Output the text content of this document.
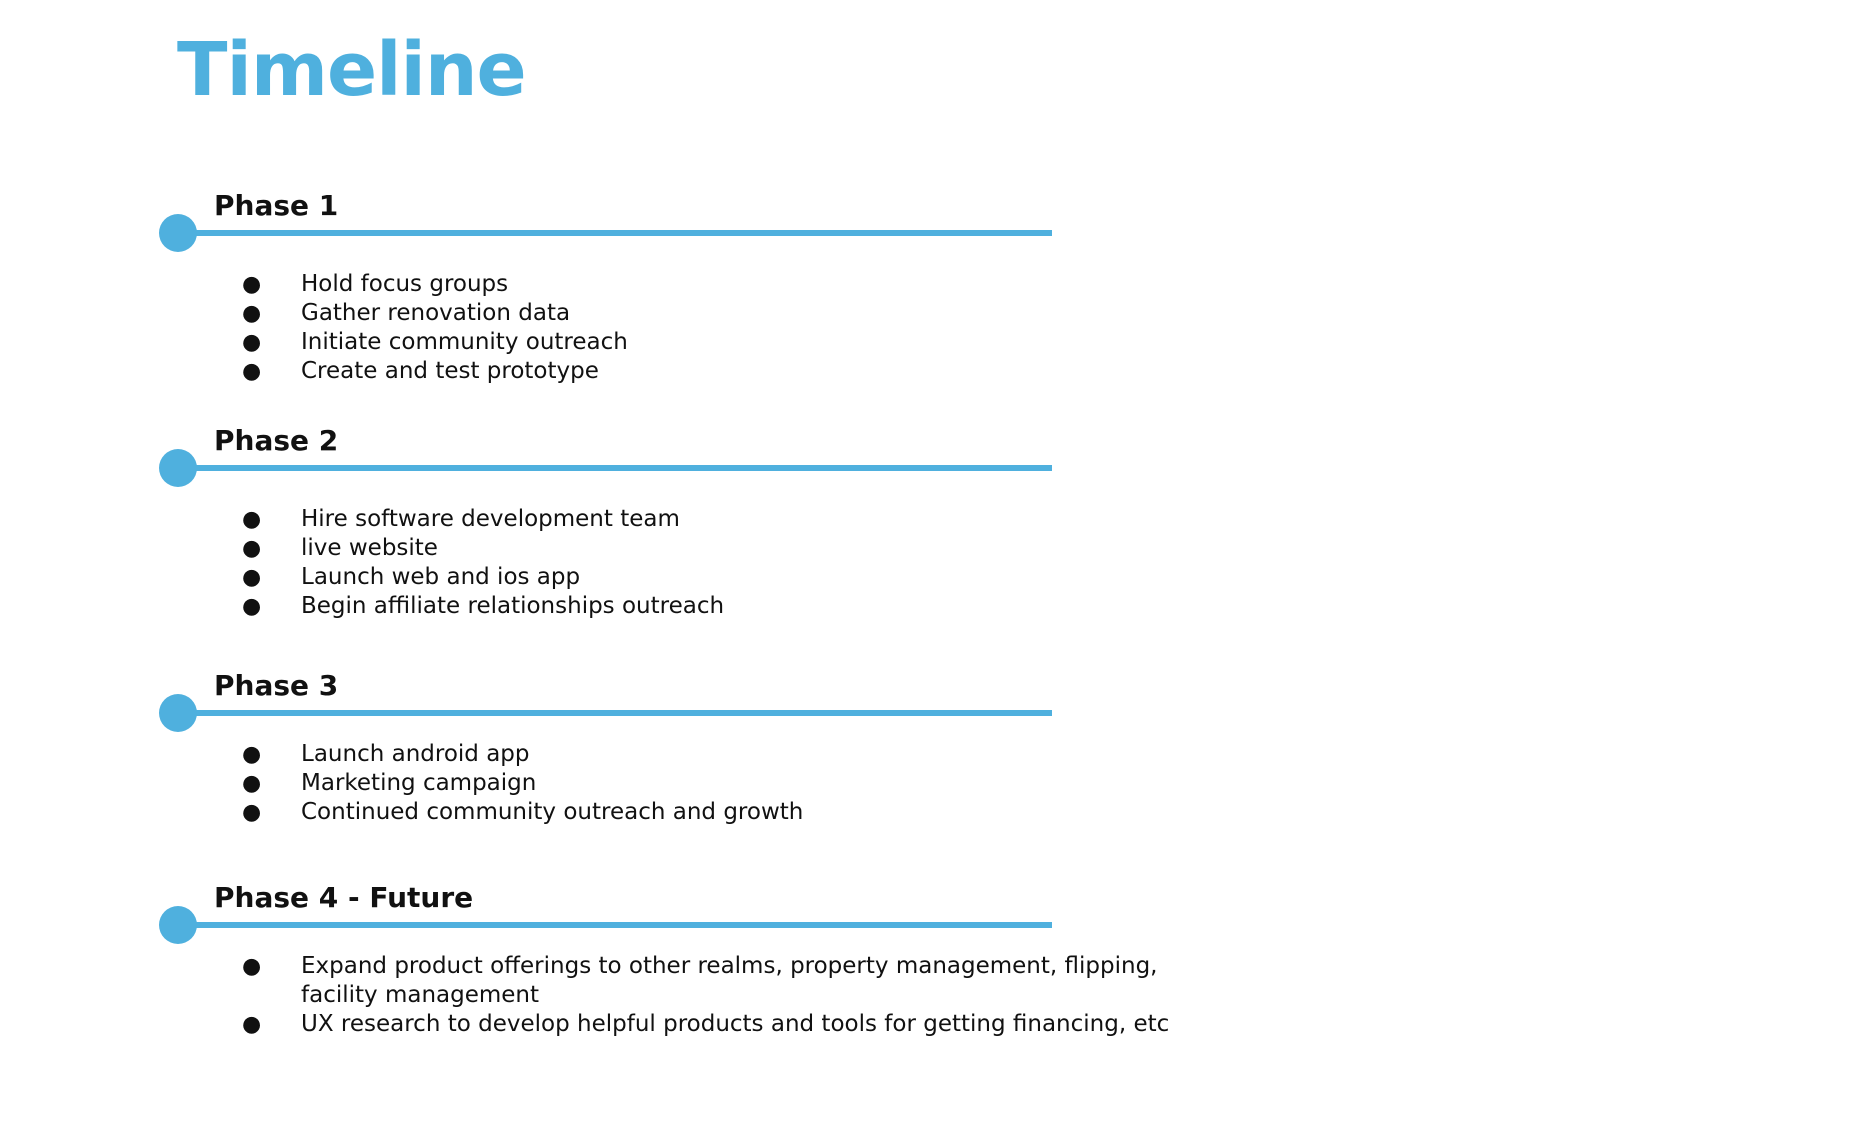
Timeline
Phase 1
● Hold focus groups
● Gather renovation data
● Initiate community outreach
● Create and test prototype
Phase 2
● Hire software development team
● live website
● Launch web and ios app
● Begin affiliate relationships outreach
Phase 3
● Launch android app
● Marketing campaign
● Continued community outreach and growth
Phase 4 - Future
● Expand product offerings to other realms, property management, flipping, facility management
● UX research to develop helpful products and tools for getting financing, etc
